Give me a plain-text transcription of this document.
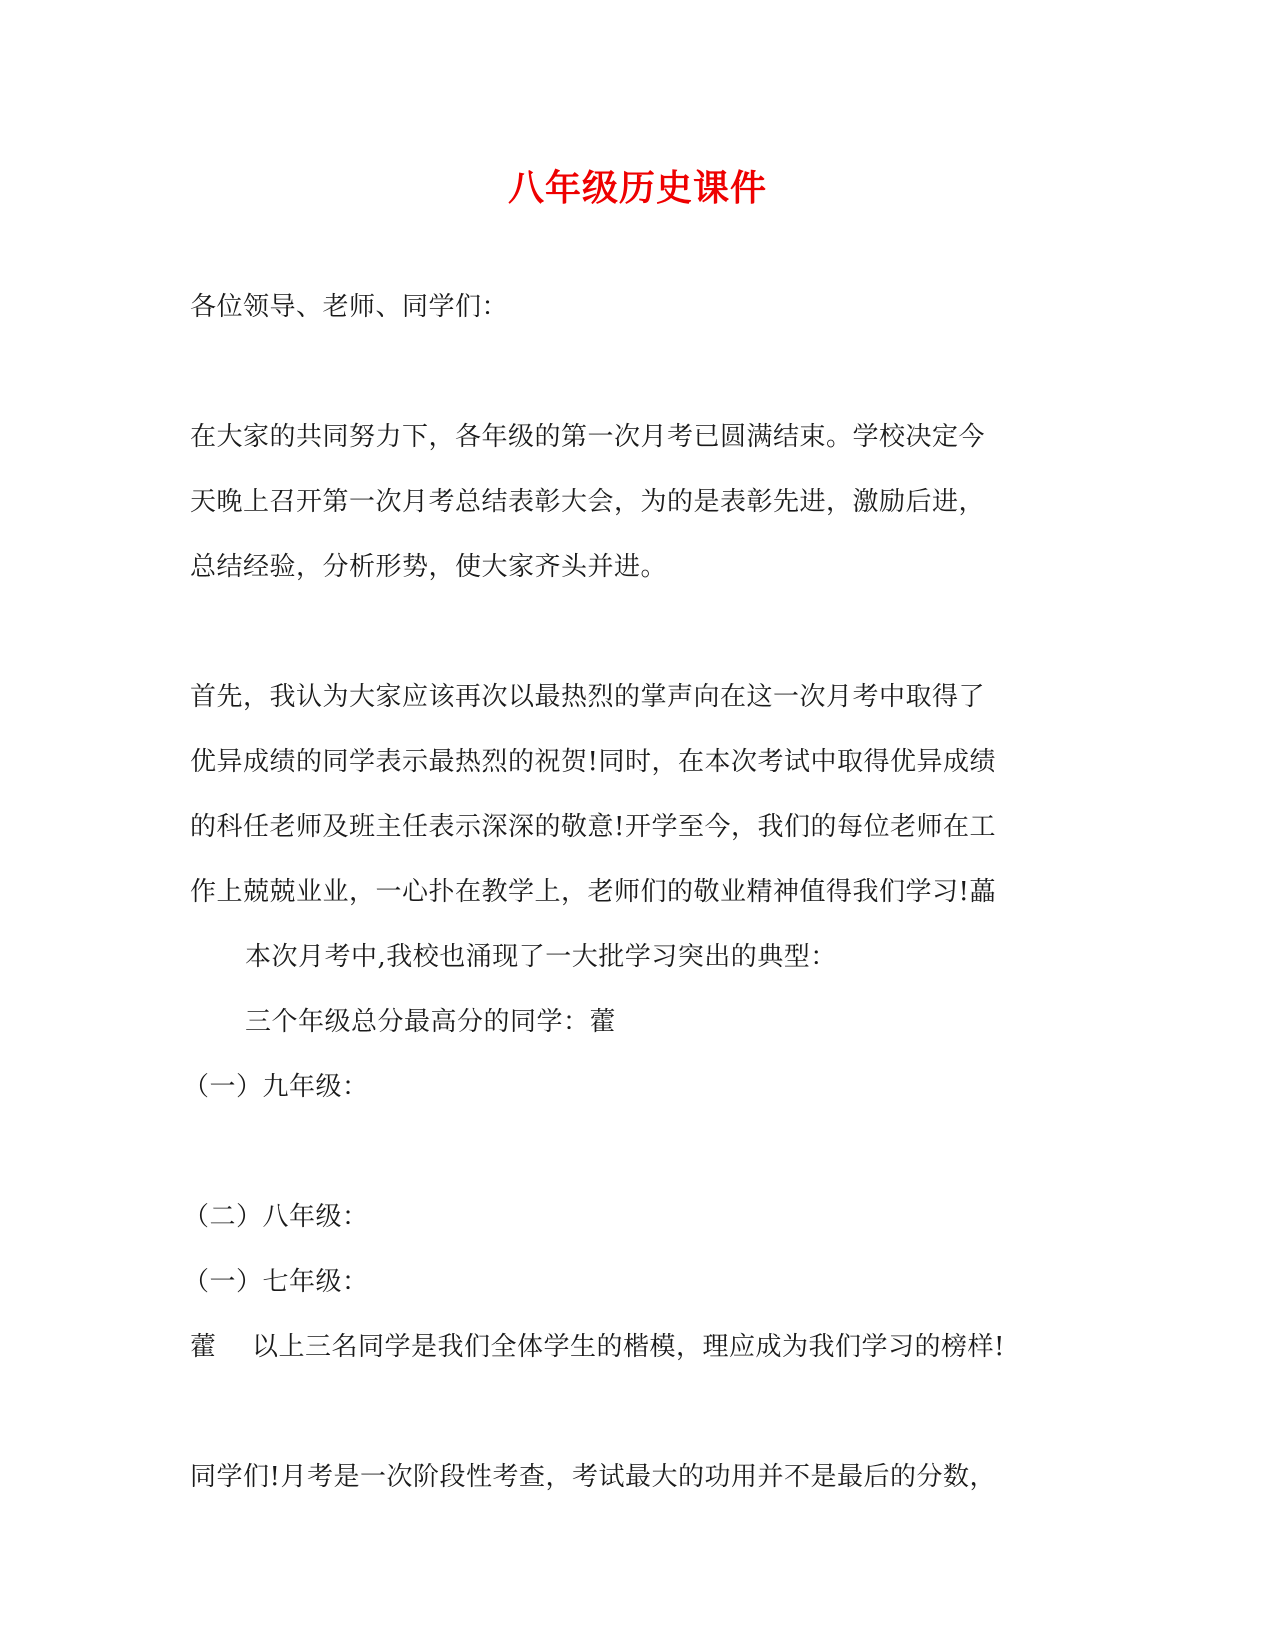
八年级历史课件
各位领导、老师、同学们：
在大家的共同努力下，各年级的第一次月考已圆满结束。学校决定今
天晚上召开第一次月考总结表彰大会，为的是表彰先进，激励后进，
总结经验，分析形势，使大家齐头并进。
首先，我认为大家应该再次以最热烈的掌声向在这一次月考中取得了
优异成绩的同学表示最热烈的祝贺!同时，在本次考试中取得优异成绩
的科任老师及班主任表示深深的敬意!开学至今，我们的每位老师在工
作上兢兢业业，一心扑在教学上，老师们的敬业精神值得我们学习!藟
本次月考中,我校也涌现了一大批学习突出的典型：
三个年级总分最高分的同学：藿
（一）九年级：
（二）八年级：
（一）七年级：
藿 以上三名同学是我们全体学生的楷模，理应成为我们学习的榜样!
同学们!月考是一次阶段性考查，考试最大的功用并不是最后的分数，
